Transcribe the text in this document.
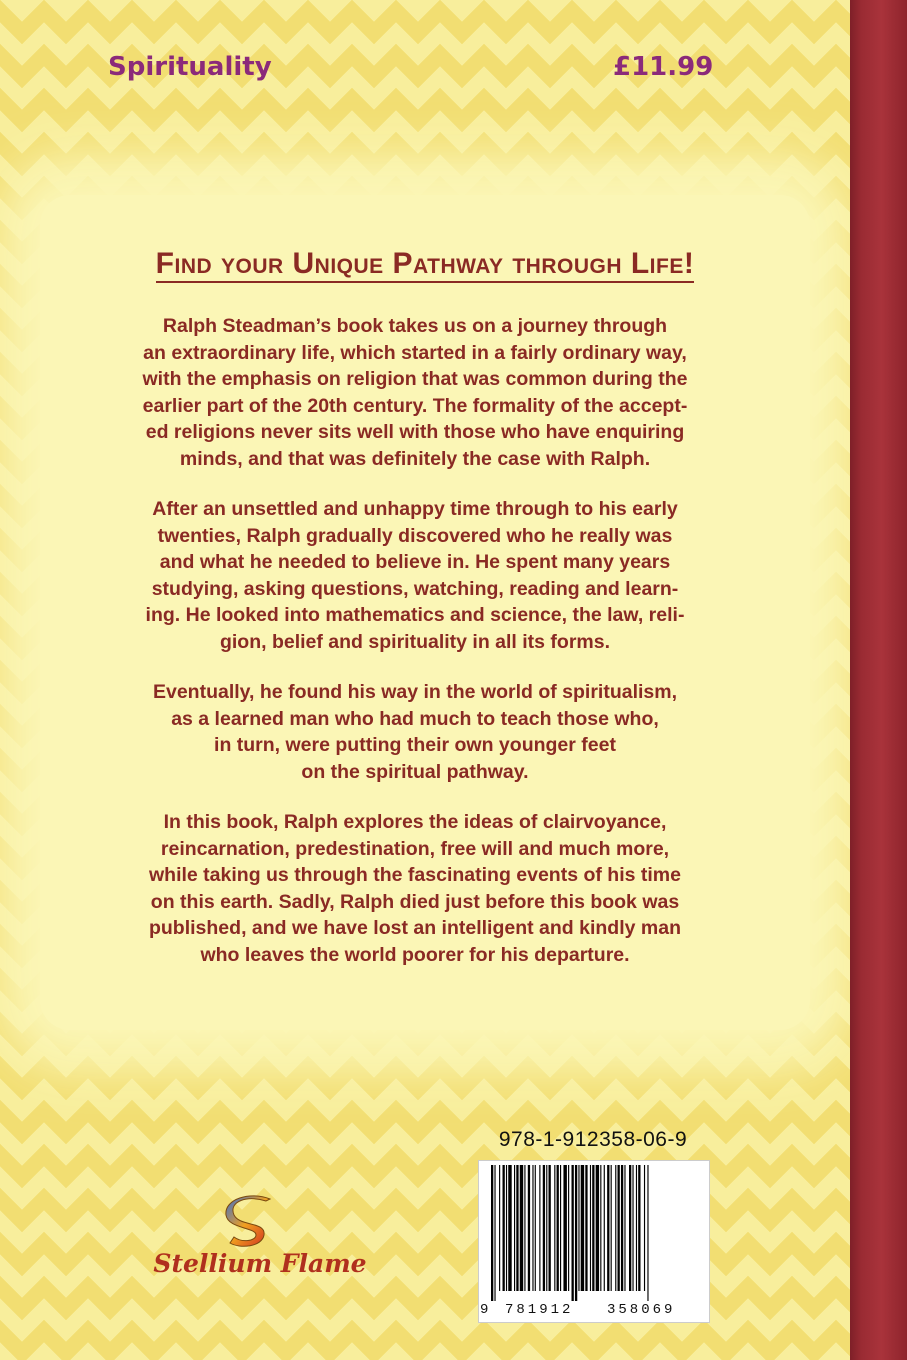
Spirituality	£11.99
Find your Unique Pathway through Life!
Ralph Steadman’s book takes us on a journey through
an extraordinary life, which started in a fairly ordinary way,
with the emphasis on religion that was common during the
earlier part of the 20th century. The formality of the accept-
ed religions never sits well with those who have enquiring
minds, and that was definitely the case with Ralph.
After an unsettled and unhappy time through to his early
twenties, Ralph gradually discovered who he really was
and what he needed to believe in. He spent many years
studying, asking questions, watching, reading and learn-
ing. He looked into mathematics and science, the law, reli-
gion, belief and spirituality in all its forms.
Eventually, he found his way in the world of spiritualism,
as a learned man who had much to teach those who,
in turn, were putting their own younger feet
on the spiritual pathway.
In this book, Ralph explores the ideas of clairvoyance,
reincarnation, predestination, free will and much more,
while taking us through the fascinating events of his time
on this earth. Sadly, Ralph died just before this book was
published, and we have lost an intelligent and kindly man
who leaves the world poorer for his departure.
978-1-912358-06-9
9 781912 358069
Stellium Flame
